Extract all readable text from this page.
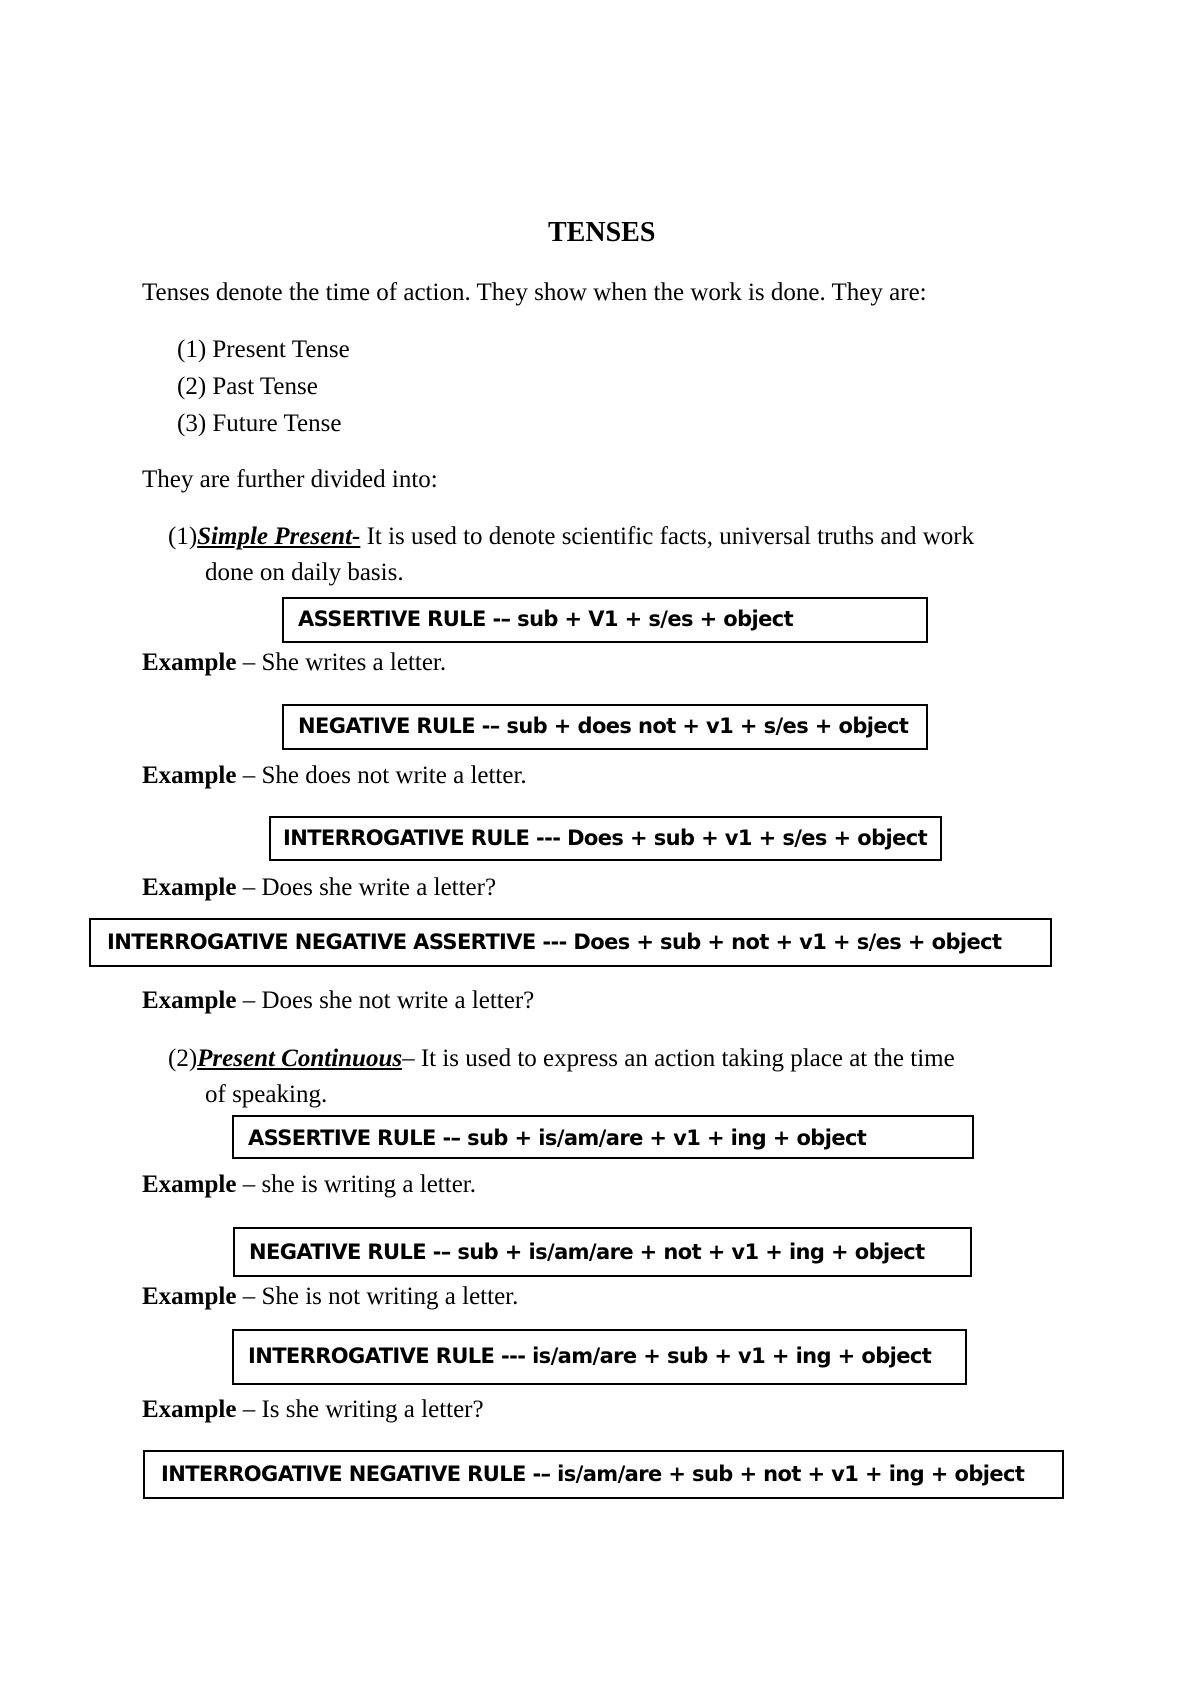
TENSES
Tenses denote the time of action. They show when the work is done. They are:
(1) Present Tense
(2) Past Tense
(3) Future Tense
They are further divided into:
(1)Simple Present- It is used to denote scientific facts, universal truths and work
done on daily basis.
ASSERTIVE RULE -– sub + V1 + s/es + object
Example – She writes a letter.
NEGATIVE RULE -– sub + does not + v1 + s/es + object
Example – She does not write a letter.
INTERROGATIVE RULE --- Does + sub + v1 + s/es + object
Example – Does she write a letter?
INTERROGATIVE NEGATIVE ASSERTIVE --- Does + sub + not + v1 + s/es + object
Example – Does she not write a letter?
(2)Present Continuous– It is used to express an action taking place at the time
of speaking.
ASSERTIVE RULE -– sub + is/am/are + v1 + ing + object
Example – she is writing a letter.
NEGATIVE RULE -– sub + is/am/are + not + v1 + ing + object
Example – She is not writing a letter.
INTERROGATIVE RULE --- is/am/are + sub + v1 + ing + object
Example – Is she writing a letter?
INTERROGATIVE NEGATIVE RULE -– is/am/are + sub + not + v1 + ing + object
